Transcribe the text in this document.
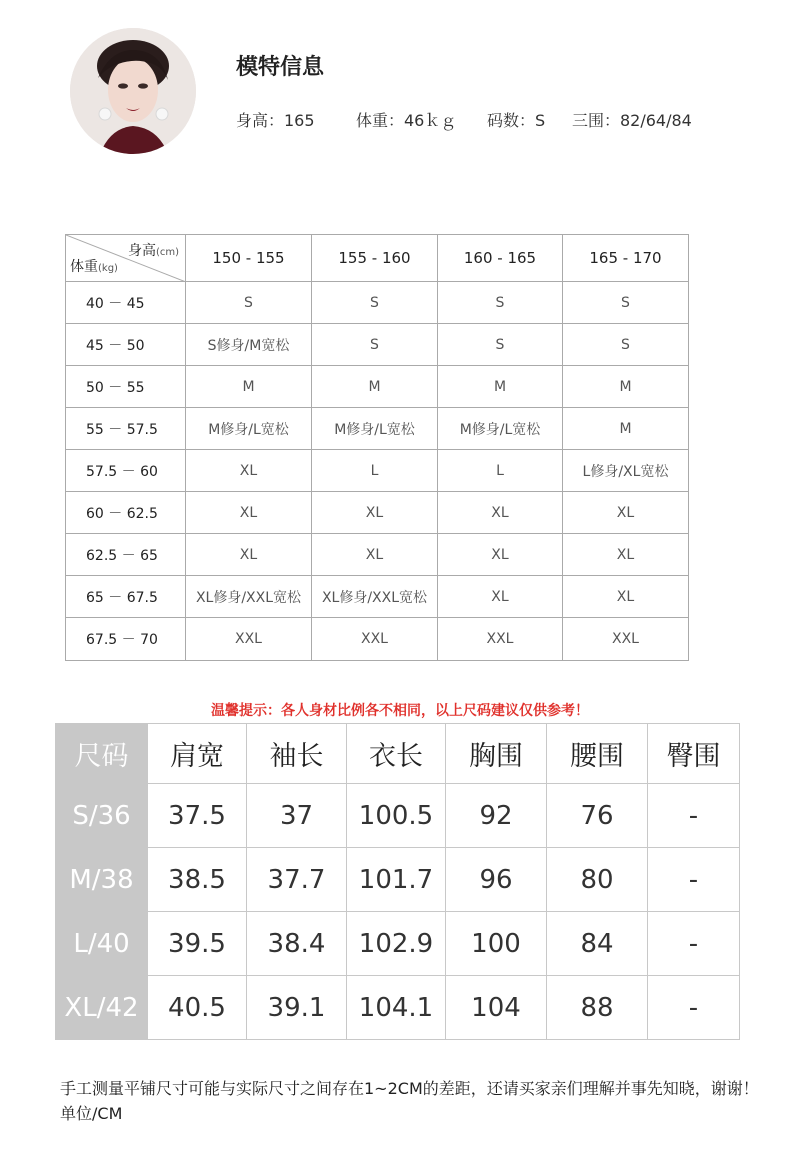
模特信息
身高：165	体重：46ｋｇ 码数：S 三围：82/64/84
身高(cm)
体重(kg)	150 - 155	155 - 160	160 - 165	165 - 170
40 － 45	S	S	S	S
45 － 50	S修身/M宽松	S	S	S
50 － 55	M	M	M	M
55 － 57.5	M修身/L宽松	M修身/L宽松	M修身/L宽松	M
57.5 － 60	XL	L	L	L修身/XL宽松
60 － 62.5	XL	XL	XL	XL
62.5 － 65	XL	XL	XL	XL
65 － 67.5	XL修身/XXL宽松	XL修身/XXL宽松	XL	XL
67.5 － 70	XXL	XXL	XXL	XXL
温馨提示：各人身材比例各不相同，以上尺码建议仅供参考！
尺码	肩宽	袖长	衣长	胸围	腰围	臀围
S/36	37.5	37	100.5	92	76	-
M/38	38.5	37.7	101.7	96	80	-
L/40	39.5	38.4	102.9	100	84	-
XL/42	40.5	39.1	104.1	104	88	-
手工测量平铺尺寸可能与实际尺寸之间存在1~2CM的差距，还请买家亲们理解并事先知晓，谢谢！单位/CM
